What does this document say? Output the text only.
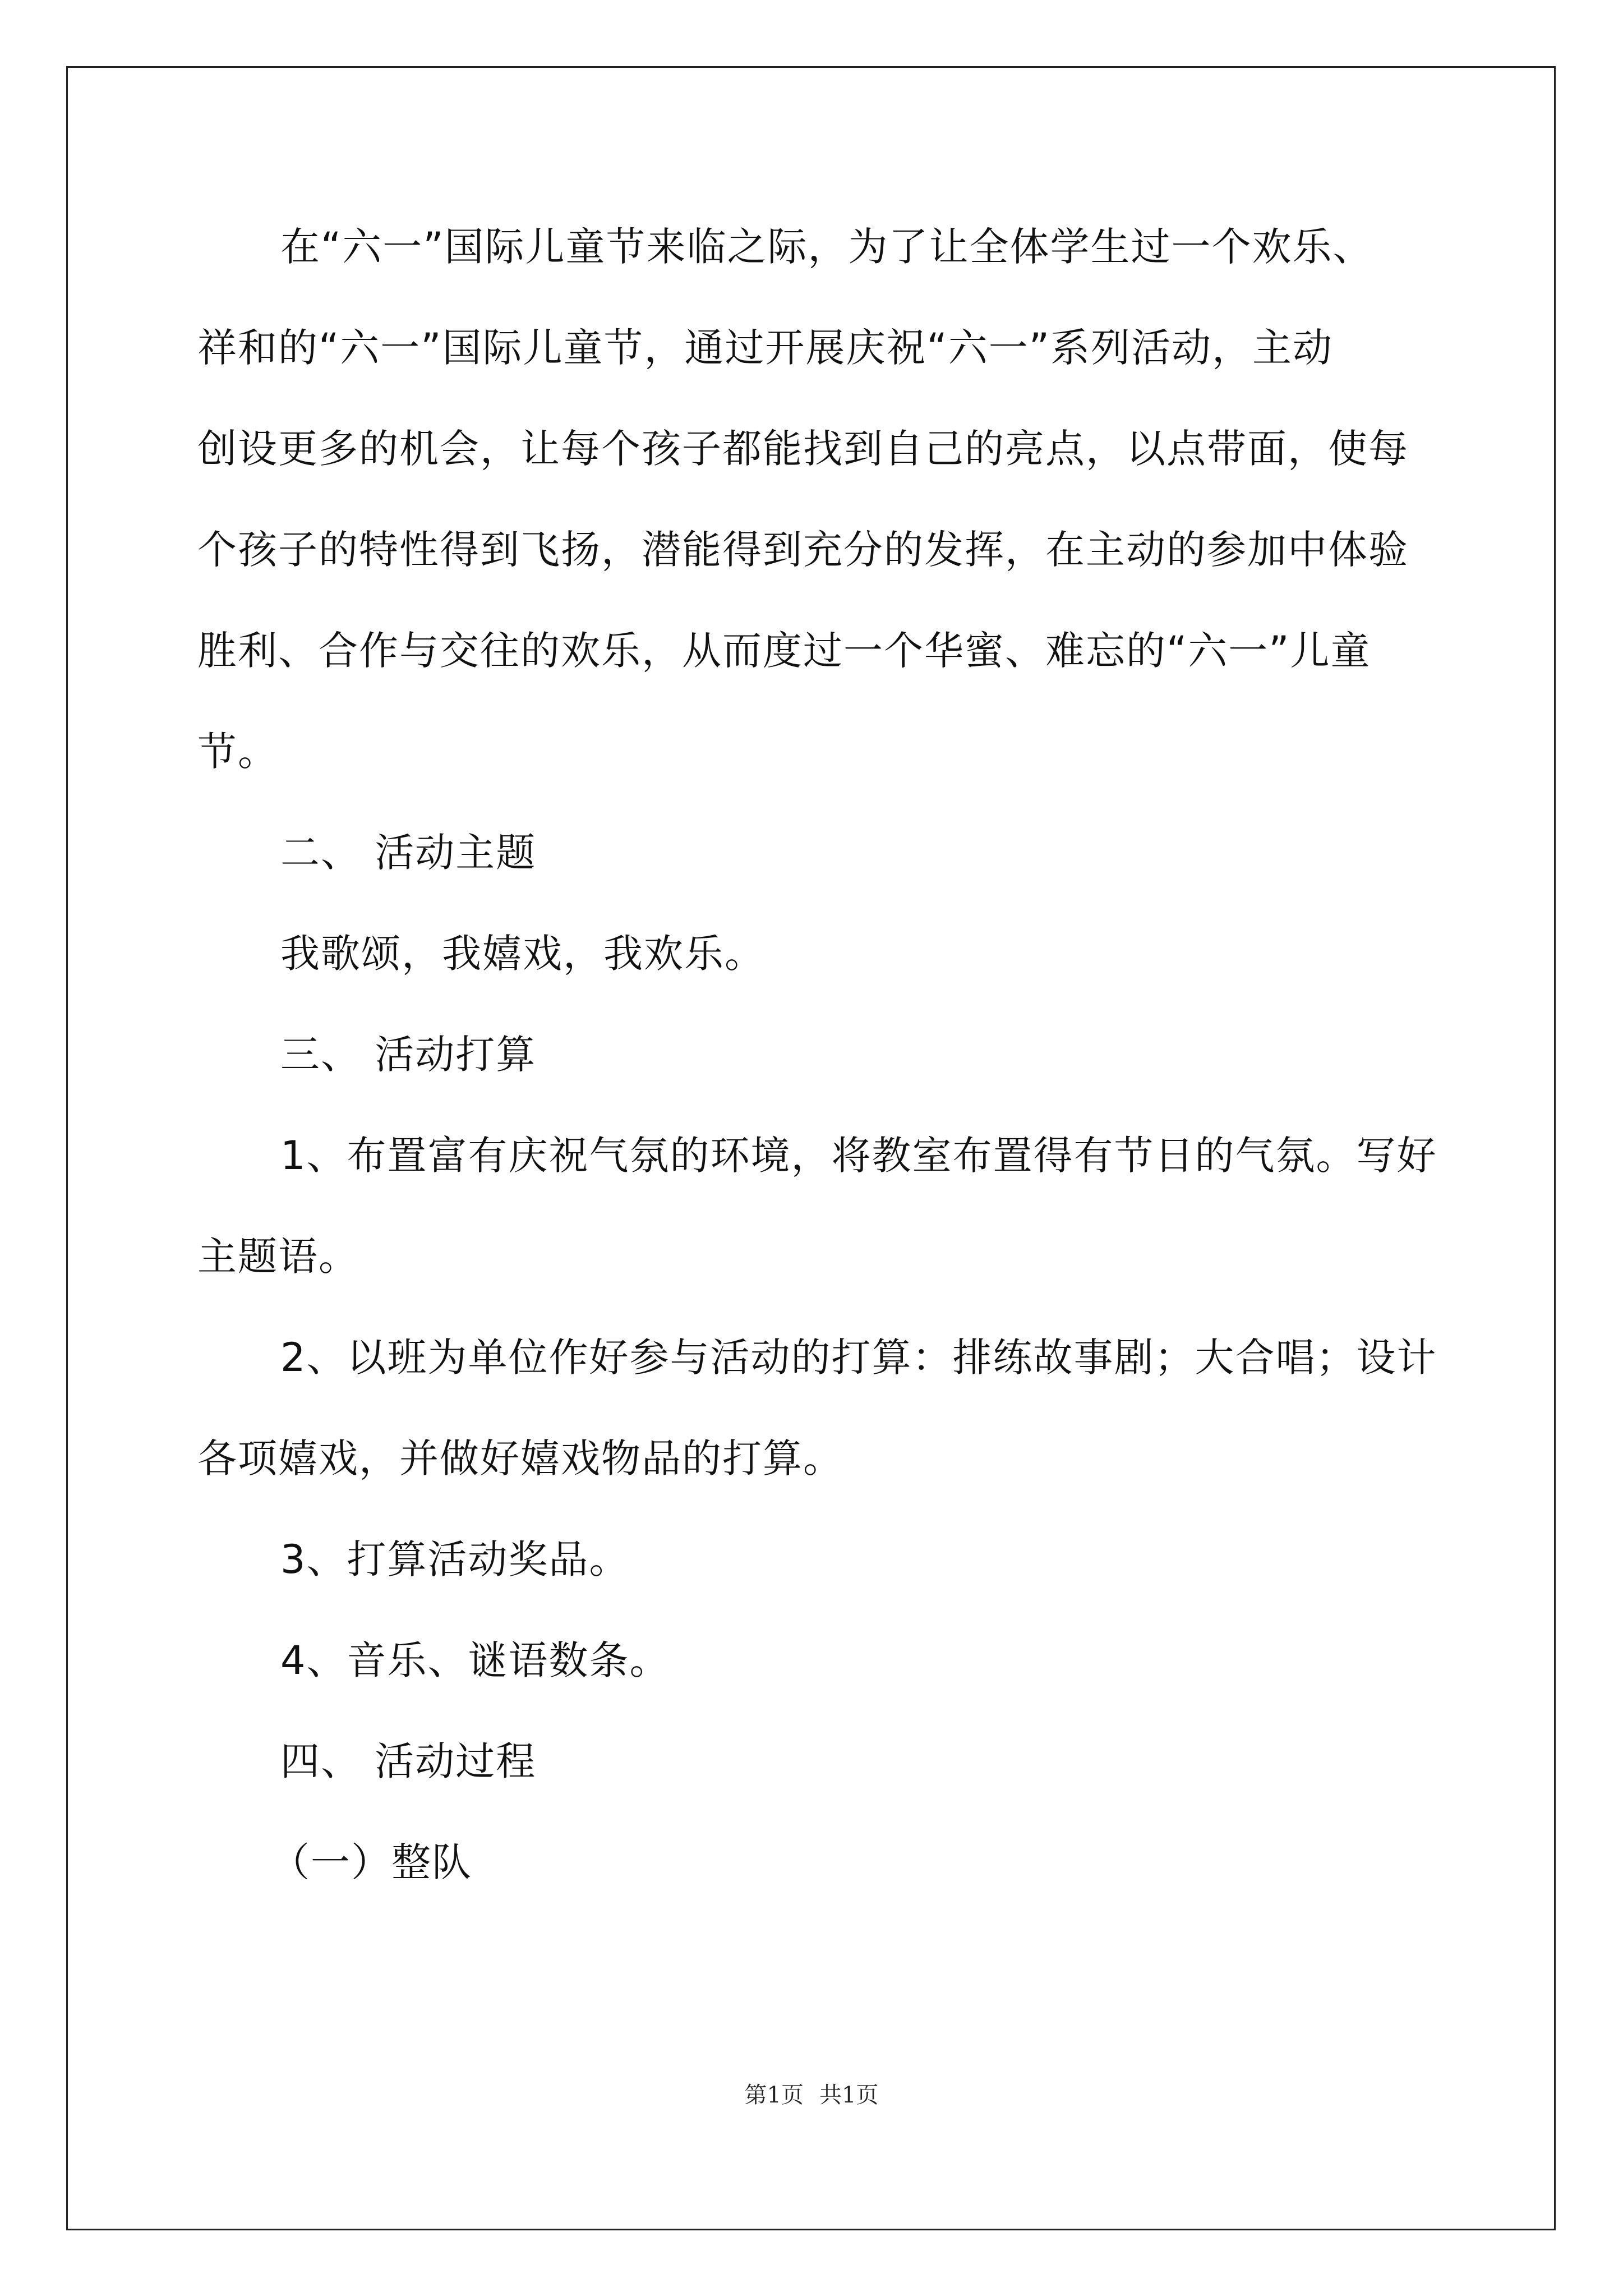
在“六一”国际儿童节来临之际，为了让全体学生过一个欢乐、
祥和的“六一”国际儿童节，通过开展庆祝“六一”系列活动，主动
创设更多的机会，让每个孩子都能找到自己的亮点，以点带面，使每
个孩子的特性得到飞扬，潜能得到充分的发挥，在主动的参加中体验
胜利、合作与交往的欢乐，从而度过一个华蜜、难忘的“六一”儿童
节。
二、 活动主题
我歌颂，我嬉戏，我欢乐。
三、 活动打算
1、布置富有庆祝气氛的环境，将教室布置得有节日的气氛。写好
主题语。
2、以班为单位作好参与活动的打算：排练故事剧；大合唱；设计
各项嬉戏，并做好嬉戏物品的打算。
3、打算活动奖品。
4、音乐、谜语数条。
四、 活动过程
（一）整队
第1页 共1页
